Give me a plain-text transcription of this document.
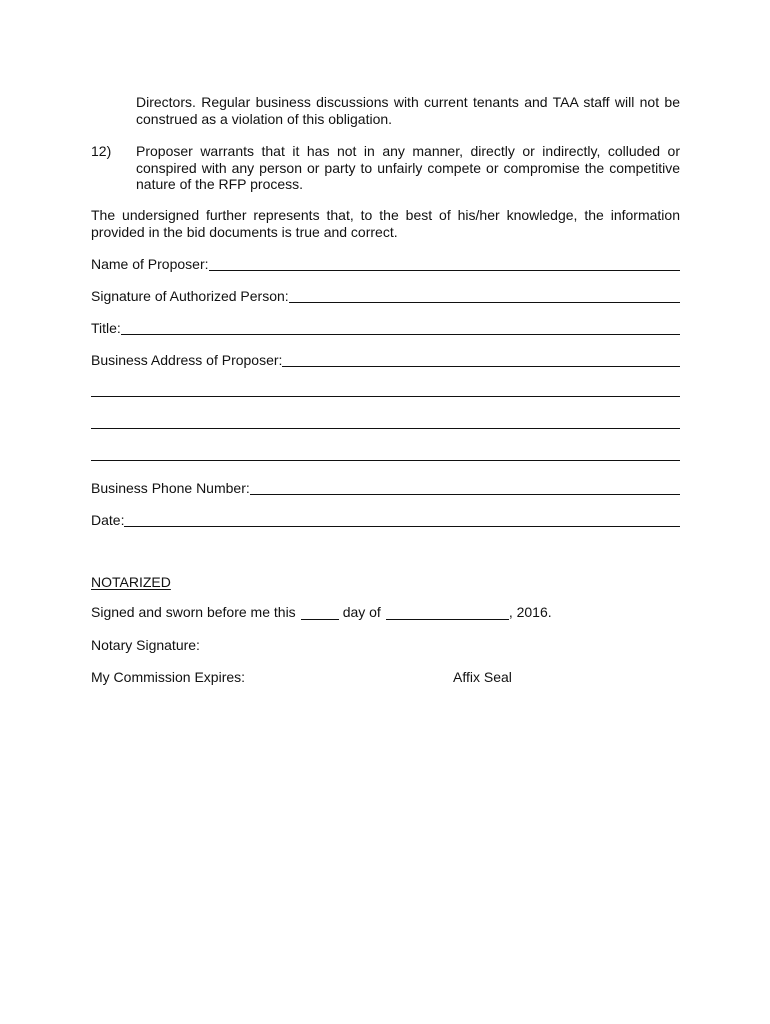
Directors. Regular business discussions with current tenants and TAA staff will not be construed as a violation of this obligation.
12) Proposer warrants that it has not in any manner, directly or indirectly, colluded or conspired with any person or party to unfairly compete or compromise the competitive nature of the RFP process.
The undersigned further represents that, to the best of his/her knowledge, the information provided in the bid documents is true and correct.
Name of Proposer:
Signature of Authorized Person:
Title:
Business Address of Proposer:
Business Phone Number:
Date:
NOTARIZED
Signed and sworn before me this	day of	, 2016.
Notary Signature:
My Commission Expires:	Affix Seal
